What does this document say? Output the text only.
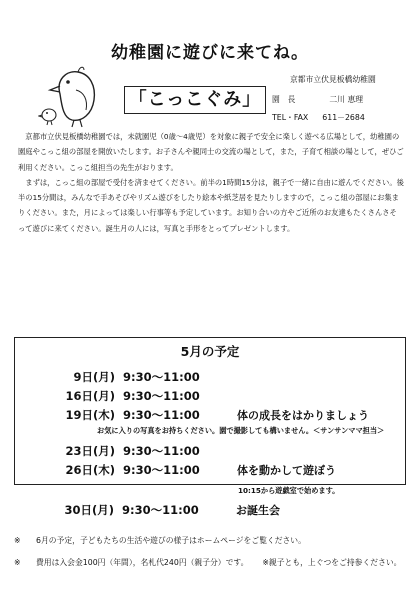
幼稚園に遊びに来てね。
「こっこぐみ」
京都市立伏見板橋幼稚園
園　長	二川 恵理
TEL・FAX 611－2684

京都市立伏見板橋幼稚園では，未就園児（0歳～4歳児）を対象に親子で安全に楽しく遊べる広場として，幼稚園の園庭やこっこ組の部屋を開放いたします。お子さんや親同士の交流の場として，また，子育て相談の場として，ぜひご利用ください。こっこ組担当の先生がおります。

まずは，こっこ組の部屋で受付を済ませてください。前半の1時間15分は，親子で一緒に自由に遊んでください。後半の15分間は，みんなで手あそびやリズム遊びをしたり絵本や紙芝居を見たりしますので，こっこ組の部屋にお集まりください。また，月によっては楽しい行事等も予定しています。お知り合いの方やご近所のお友達もたくさんさそって遊びに来てください。誕生月の人には，写真と手形をとってプレゼントします。

5月の予定
9日(月) 9:30～11:00
16日(月) 9:30～11:00
19日(木) 9:30～11:00	体の成長をはかりましょう
お気に入りの写真をお持ちください。園で撮影しても構いません。＜サンサンママ担当＞
23日(月) 9:30～11:00
26日(木) 9:30～11:00	体を動かして遊ぼう
10:15から遊戯室で始めます。
30日(月) 9:30～11:00	お誕生会
※ 6月の予定，子どもたちの生活や遊びの様子はホームページをご覧ください。
※ 費用は入会金100円（年間），名札代240円（親子分）です。 ※親子とも，上ぐつをご持参ください。
